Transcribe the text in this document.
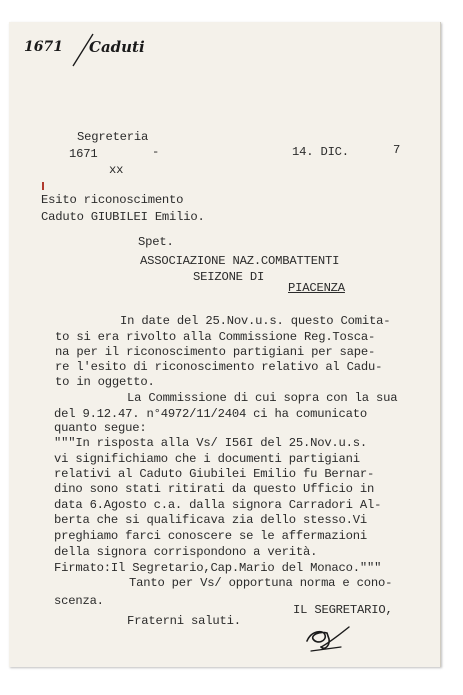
1671 Caduti
Segreteria
1671	-
xx
14. DIC.	7
Esito riconoscimento
Caduto GIUBILEI Emilio.
Spet.
ASSOCIAZIONE NAZ.COMBATTENTI
SEIZONE DI
PIACENZA
In date del 25.Nov.u.s. questo Comita-
to si era rivolto alla Commissione Reg.Tosca-
na per il riconoscimento partigiani per sape-
re l'esito di riconoscimento relativo al Cadu-
to in oggetto.
La Commissione di cui sopra con la sua
del 9.12.47. n°4972/11/2404 ci ha comunicato
quanto segue:
"""In risposta alla Vs/ I56I del 25.Nov.u.s.
vi significhiamo che i documenti partigiani
relativi al Caduto Giubilei Emilio fu Bernar-
dino sono stati ritirati da questo Ufficio in
data 6.Agosto c.a. dalla signora Carradori Al-
berta che si qualificava zia dello stesso.Vi
preghiamo farci conoscere se le affermazioni
della signora corrispondono a verità.
Firmato:Il Segretario,Cap.Mario del Monaco."""
Tanto per Vs/ opportuna norma e cono-
scenza.
Fraterni saluti.
IL SEGRETARIO,
